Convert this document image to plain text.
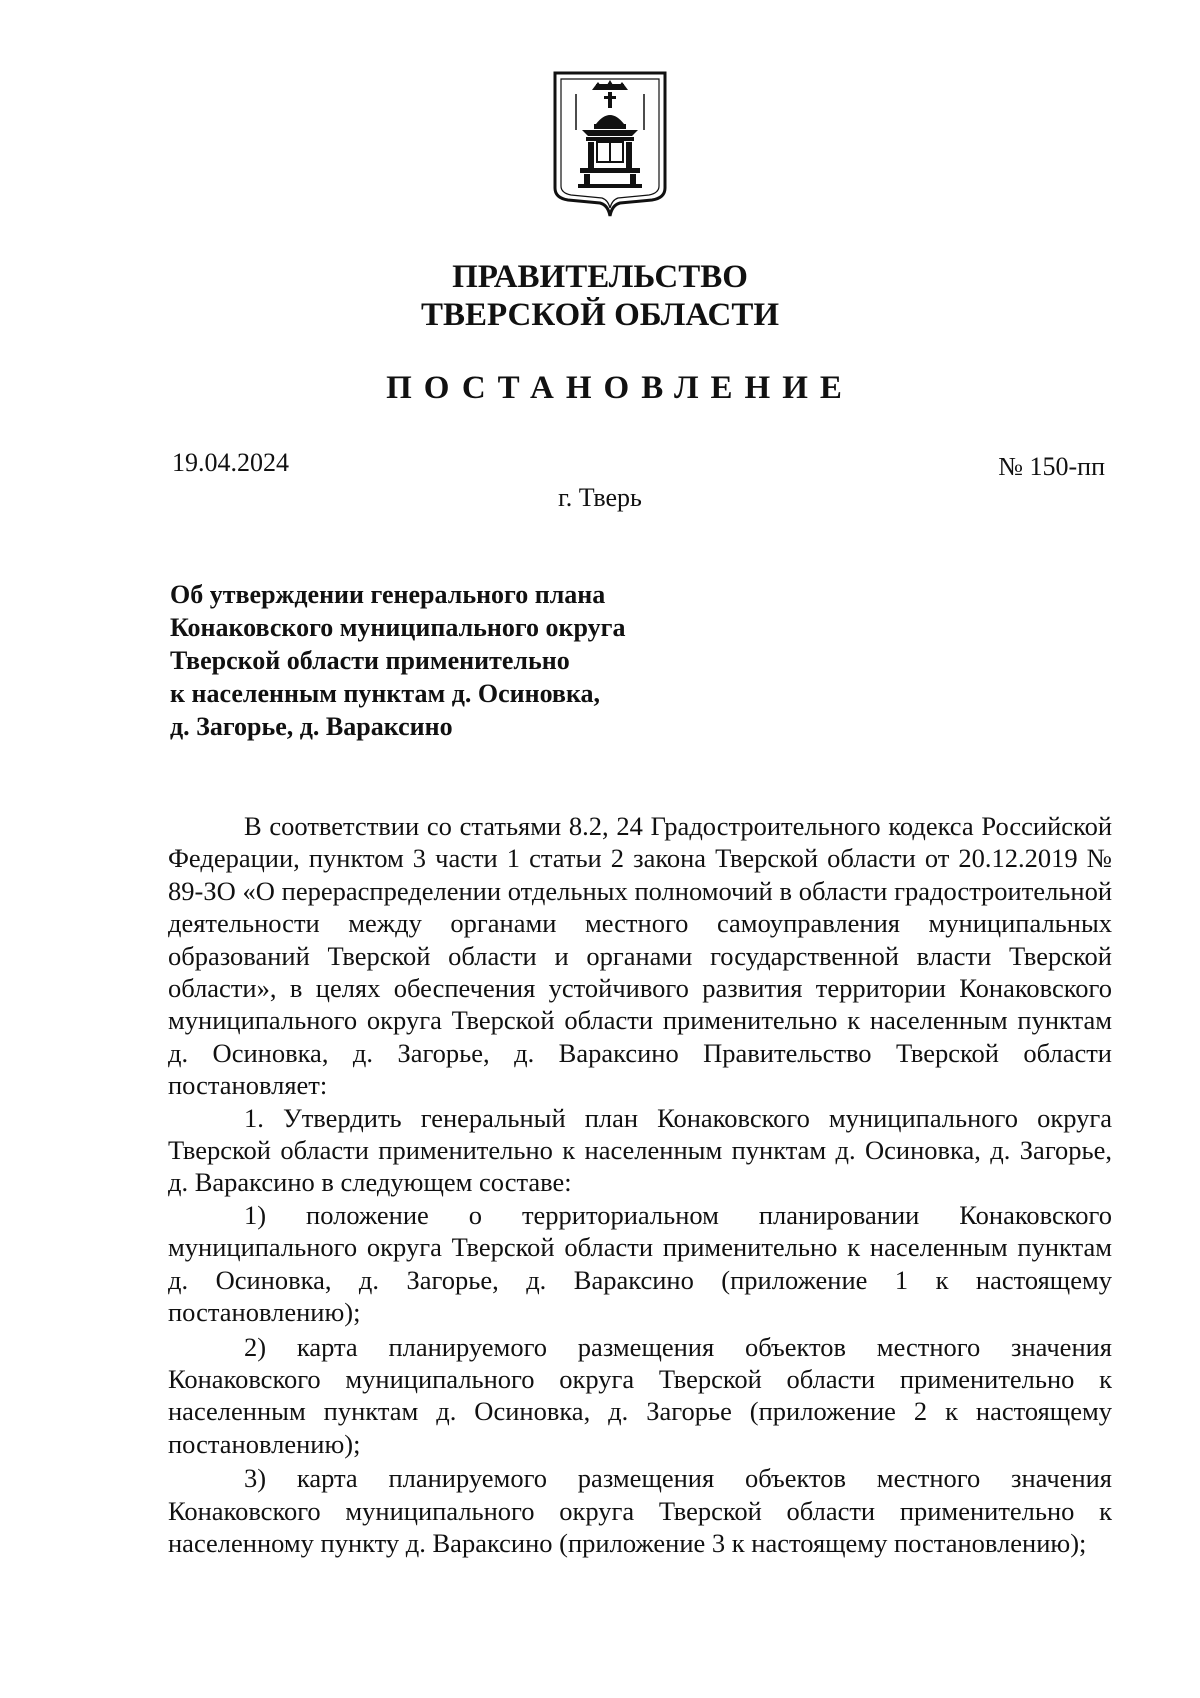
ПРАВИТЕЛЬСТВО
ТВЕРСКОЙ ОБЛАСТИ
ПОСТАНОВЛЕНИЕ
19.04.2024	№ 150-пп
г. Тверь
Об утверждении генерального плана
Конаковского муниципального округа
Тверской области применительно
к населенным пунктам д. Осиновка,
д. Загорье, д. Вараксино

В соответствии со статьями 8.2, 24 Градостроительного кодекса Российской Федерации, пунктом 3 части 1 статьи 2 закона Тверской области от 20.12.2019 № 89-ЗО «О перераспределении отдельных полномочий в области градостроительной деятельности между органами местного самоуправления муниципальных образований Тверской области и органами государственной власти Тверской области», в целях обеспечения устойчивого развития территории Конаковского муниципального округа Тверской области применительно к населенным пунктам д. Осиновка, д. Загорье, д. Вараксино Правительство Тверской области постановляет:

1. Утвердить генеральный план Конаковского муниципального округа Тверской области применительно к населенным пунктам д. Осиновка, д. Загорье, д. Вараксино в следующем составе:

1) положение о территориальном планировании Конаковского муниципального округа Тверской области применительно к населенным пунктам д. Осиновка, д. Загорье, д. Вараксино (приложение 1 к настоящему постановлению);

2) карта планируемого размещения объектов местного значения Конаковского муниципального округа Тверской области применительно к населенным пунктам д. Осиновка, д. Загорье (приложение 2 к настоящему постановлению);

3) карта планируемого размещения объектов местного значения Конаковского муниципального округа Тверской области применительно к населенному пункту д. Вараксино (приложение 3 к настоящему постановлению);
